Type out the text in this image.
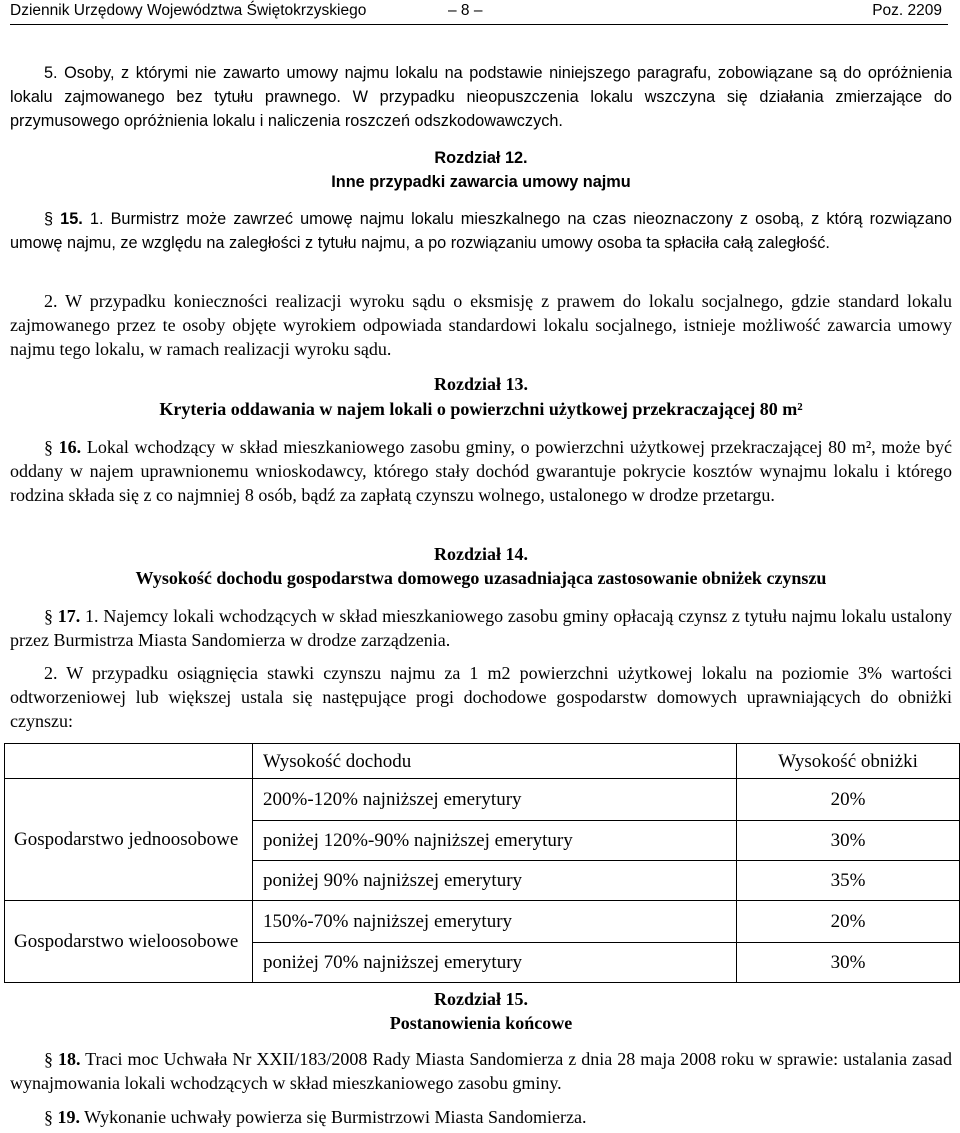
Dziennik Urzędowy Województwa Świętokrzyskiego	– 8 –	Poz. 2209

5. Osoby, z którymi nie zawarto umowy najmu lokalu na podstawie niniejszego paragrafu, zobowiązane są do opróżnienia lokalu zajmowanego bez tytułu prawnego. W przypadku nieopuszczenia lokalu wszczyna się działania zmierzające do przymusowego opróżnienia lokalu i naliczenia roszczeń odszkodowawczych.

Rozdział 12.

Inne przypadki zawarcia umowy najmu

§ 15. 1. Burmistrz może zawrzeć umowę najmu lokalu mieszkalnego na czas nieoznaczony z osobą, z którą rozwiązano umowę najmu, ze względu na zaległości z tytułu najmu, a po rozwiązaniu umowy osoba ta spłaciła całą zaległość.

2. W przypadku konieczności realizacji wyroku sądu o eksmisję z prawem do lokalu socjalnego, gdzie standard lokalu zajmowanego przez te osoby objęte wyrokiem odpowiada standardowi lokalu socjalnego, istnieje możliwość zawarcia umowy najmu tego lokalu, w ramach realizacji wyroku sądu.

Rozdział 13.

Kryteria oddawania w najem lokali o powierzchni użytkowej przekraczającej 80 m²

§ 16. Lokal wchodzący w skład mieszkaniowego zasobu gminy, o powierzchni użytkowej przekraczającej 80 m², może być oddany w najem uprawnionemu wnioskodawcy, którego stały dochód gwarantuje pokrycie kosztów wynajmu lokalu i którego rodzina składa się z co najmniej 8 osób, bądź za zapłatą czynszu wolnego, ustalonego w drodze przetargu.

Rozdział 14.

Wysokość dochodu gospodarstwa domowego uzasadniająca zastosowanie obniżek czynszu

§ 17. 1. Najemcy lokali wchodzących w skład mieszkaniowego zasobu gminy opłacają czynsz z tytułu najmu lokalu ustalony przez Burmistrza Miasta Sandomierza w drodze zarządzenia.

2. W przypadku osiągnięcia stawki czynszu najmu za 1 m2 powierzchni użytkowej lokalu na poziomie 3% wartości odtworzeniowej lub większej ustala się następujące progi dochodowe gospodarstw domowych uprawniających do obniżki czynszu:

	Wysokość dochodu	Wysokość obniżki
Gospodarstwo jednoosobowe	200%-120% najniższej emerytury	20%
	poniżej 120%-90% najniższej emerytury	30%
	poniżej 90% najniższej emerytury	35%
Gospodarstwo wieloosobowe	150%-70% najniższej emerytury	20%
	poniżej 70% najniższej emerytury	30%

Rozdział 15.

Postanowienia końcowe

§ 18. Traci moc Uchwała Nr XXII/183/2008 Rady Miasta Sandomierza z dnia 28 maja 2008 roku w sprawie: ustalania zasad wynajmowania lokali wchodzących w skład mieszkaniowego zasobu gminy.

§ 19. Wykonanie uchwały powierza się Burmistrzowi Miasta Sandomierza.
